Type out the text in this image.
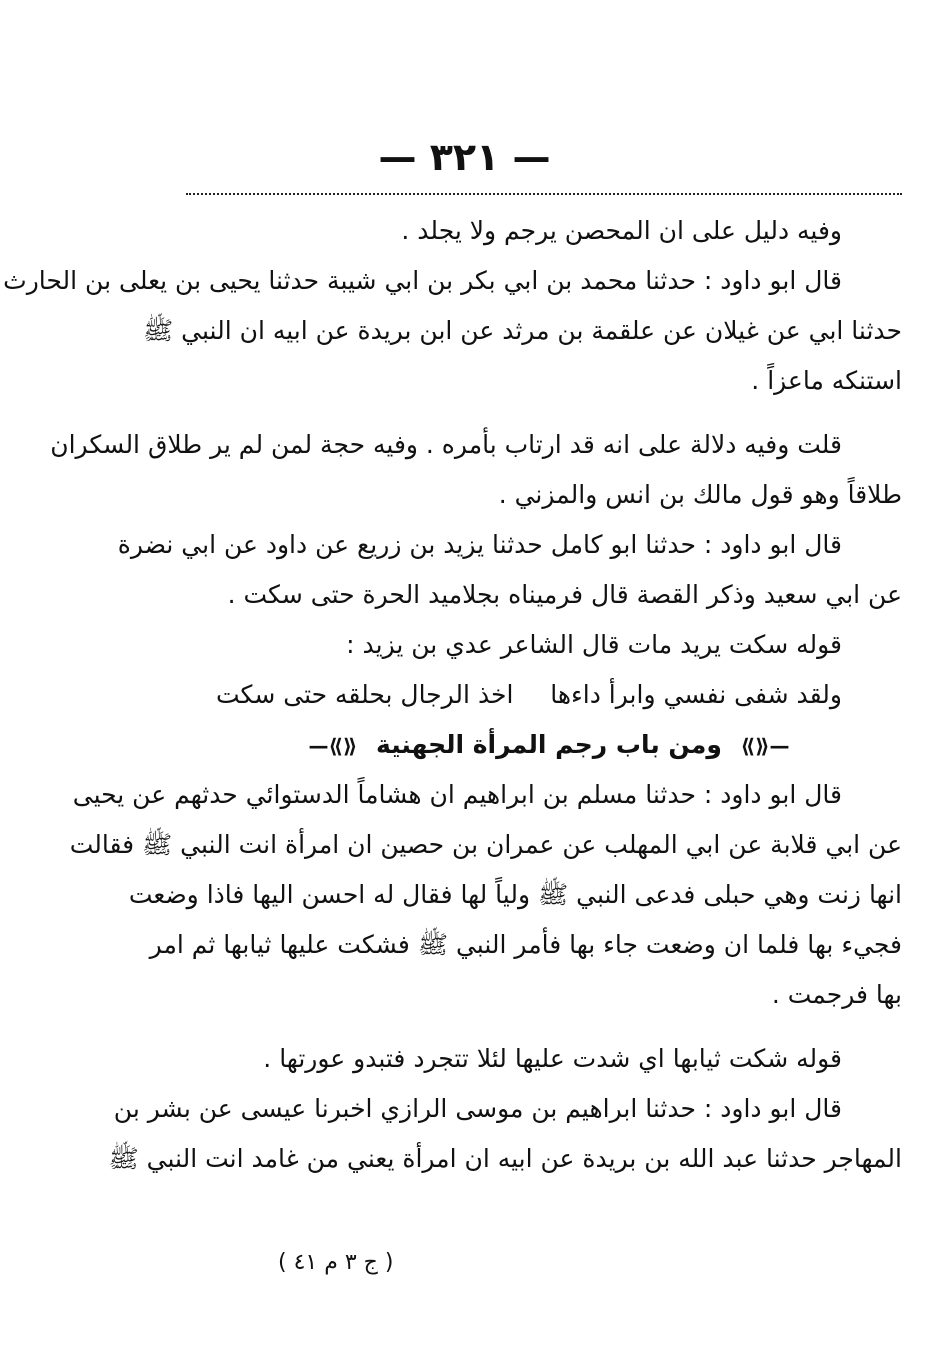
— ٣٢١ —
وفيه دليل على ان المحصن يرجم ولا يجلد .
قال ابو داود : حدثنا محمد بن ابي بكر بن ابي شيبة حدثنا يحيى بن يعلى بن الحارث
حدثنا ابي عن غيلان عن علقمة بن مرثد عن ابن بريدة عن ابيه ان النبي ﷺ
استنكه ماعزاً .
قلت وفيه دلالة على انه قد ارتاب بأمره . وفيه حجة لمن لم ير طلاق السكران
طلاقاً وهو قول مالك بن انس والمزني .
قال ابو داود : حدثنا ابو كامل حدثنا يزيد بن زريع عن داود عن ابي نضرة
عن ابي سعيد وذكر القصة قال فرميناه بجلاميد الحرة حتى سكت .
قوله سكت يريد مات قال الشاعر عدي بن يزيد :
ولقد شفى نفسي وابرأ داءها
اخذ الرجال بحلقه حتى سكت
—⟪⟫ ومن باب رجم المرأة الجهنية ⟪⟫—
قال ابو داود : حدثنا مسلم بن ابراهيم ان هشاماً الدستوائي حدثهم عن يحيى
عن ابي قلابة عن ابي المهلب عن عمران بن حصين ان امرأة انت النبي ﷺ فقالت
انها زنت وهي حبلى فدعى النبي ﷺ ولياً لها فقال له احسن اليها فاذا وضعت
فجيء بها فلما ان وضعت جاء بها فأمر النبي ﷺ فشكت عليها ثيابها ثم امر
بها فرجمت .
قوله شكت ثيابها اي شدت عليها لئلا تتجرد فتبدو عورتها .
قال ابو داود : حدثنا ابراهيم بن موسى الرازي اخبرنا عيسى عن بشر بن
المهاجر حدثنا عبد الله بن بريدة عن ابيه ان امرأة يعني من غامد انت النبي ﷺ
( ج ٣ م ٤١ )
